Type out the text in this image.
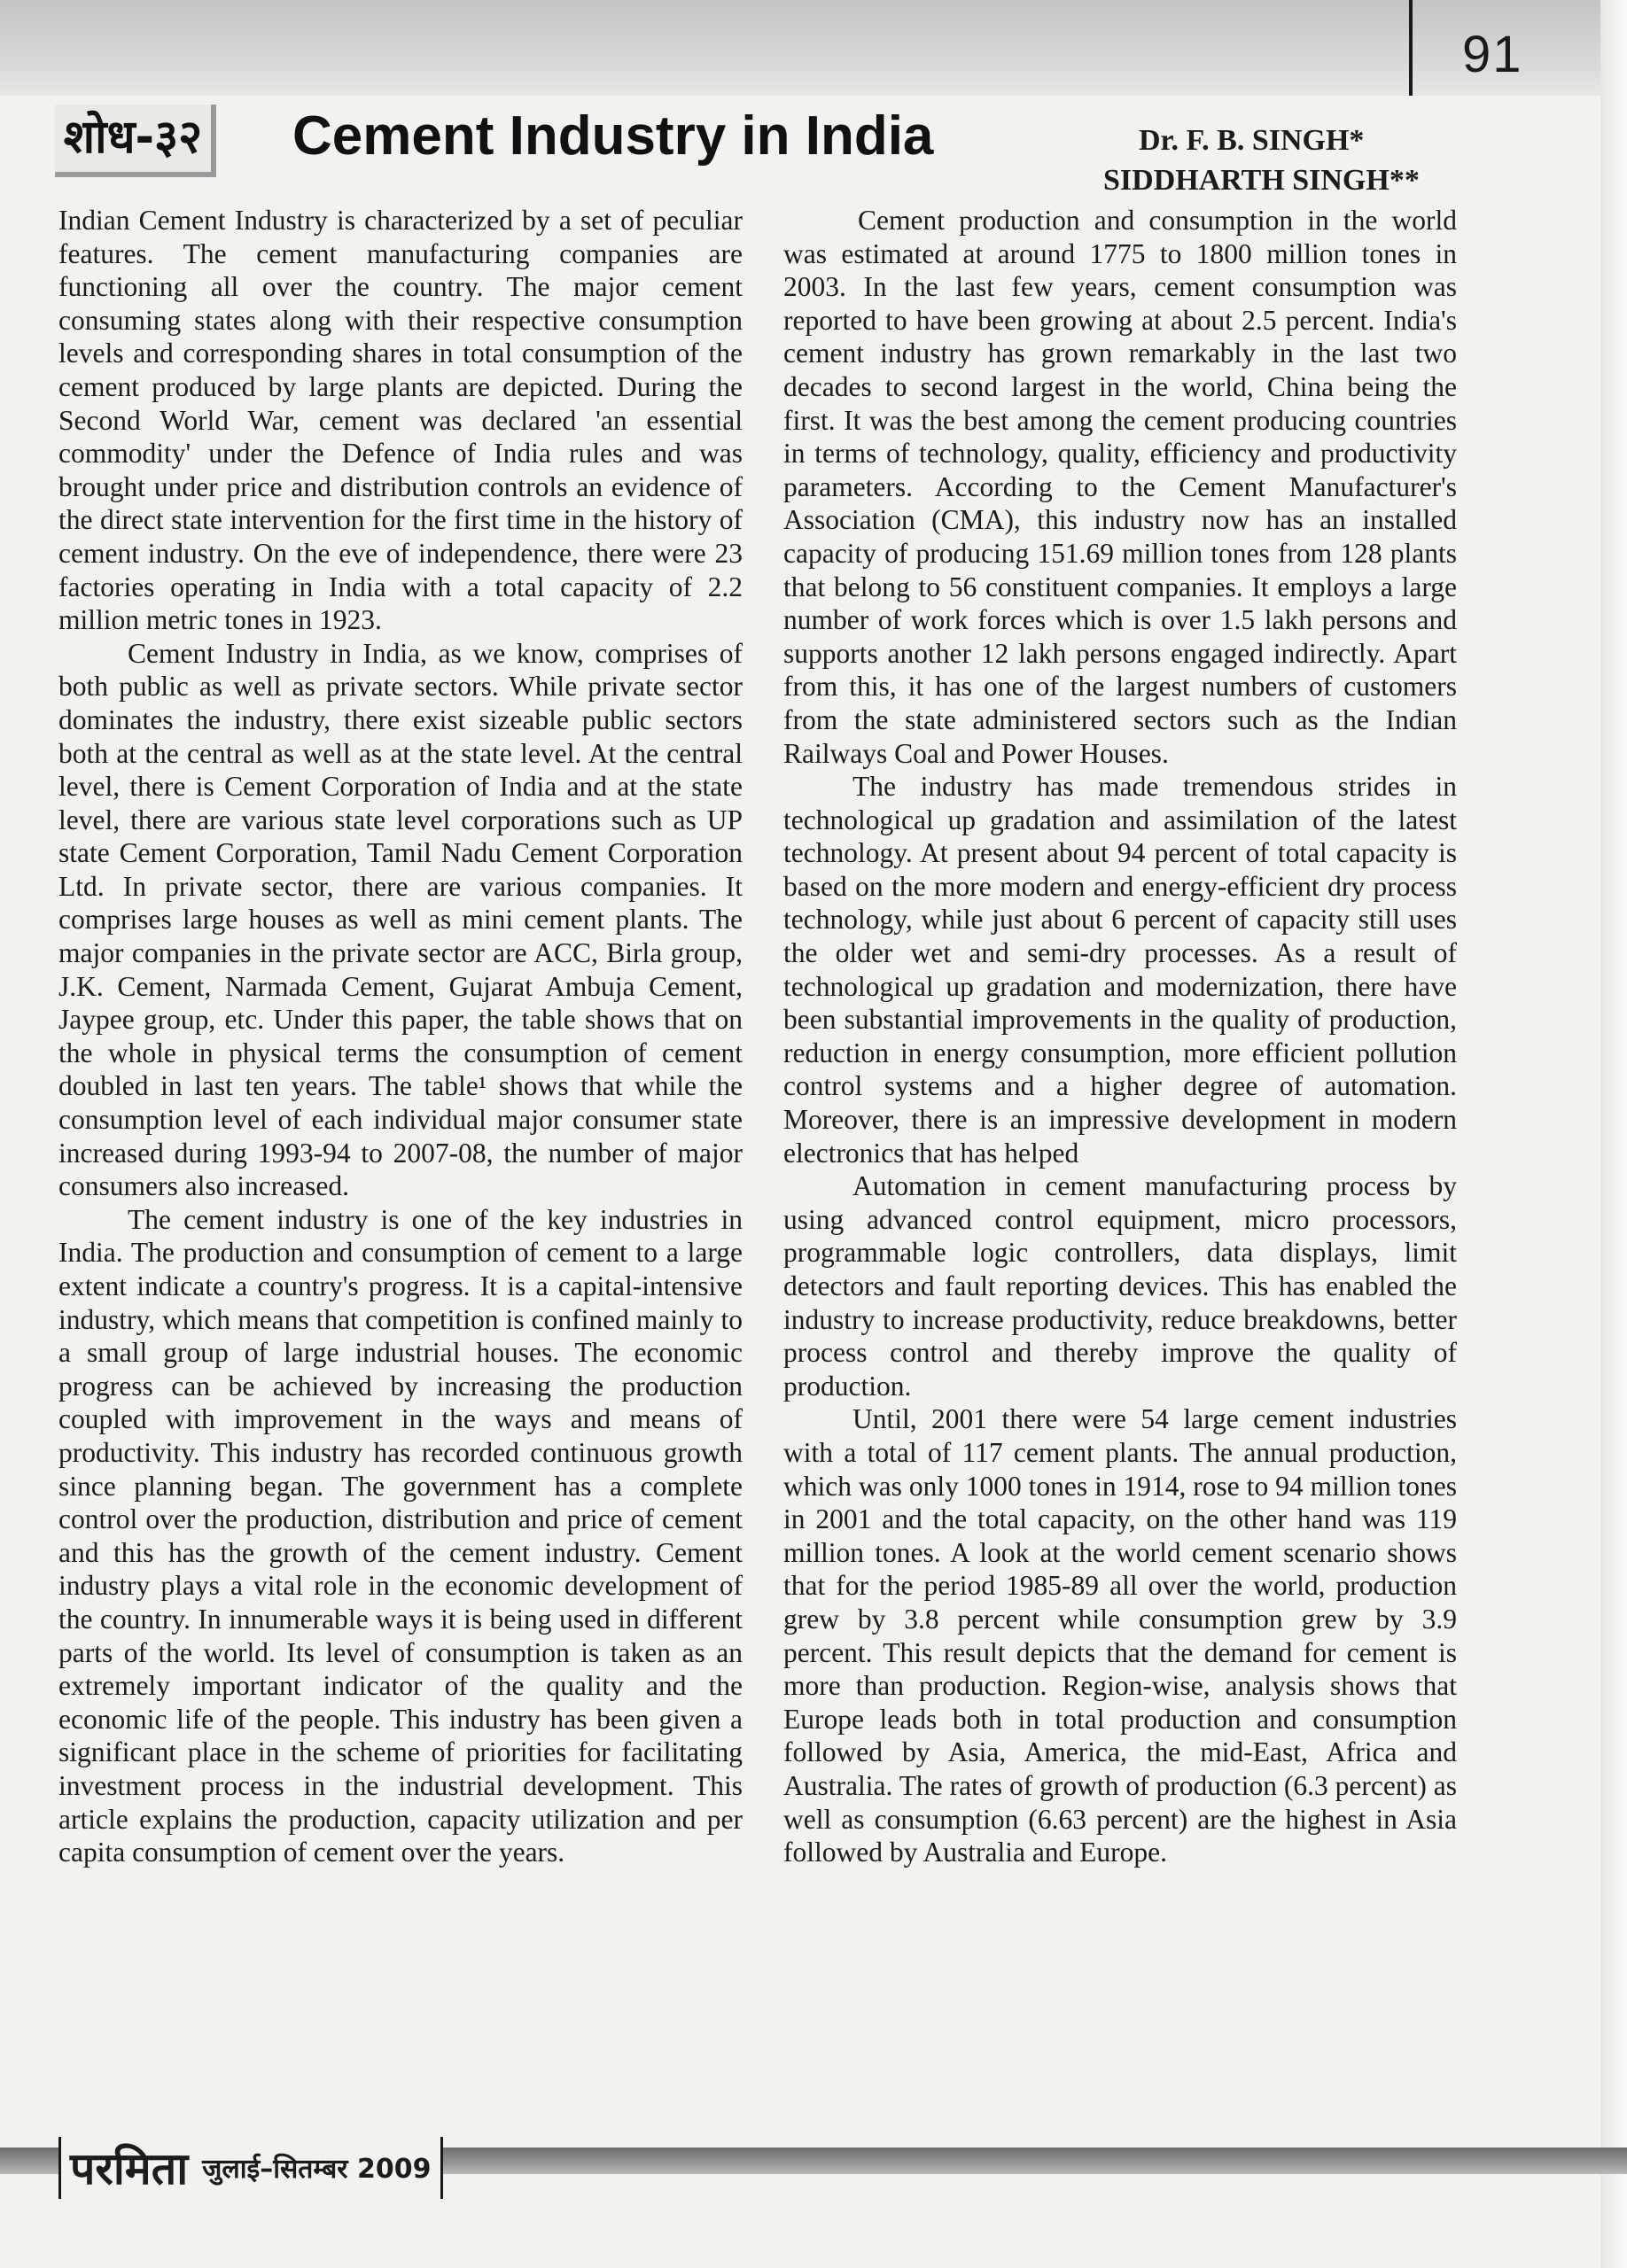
91
शोध-३२ Cement Industry in India	Dr. F. B. SINGH*
SIDDHARTH SINGH**

Indian Cement Industry is characterized by a set of peculiar features. The cement manufacturing companies are functioning all over the country. The major cement consuming states along with their respective consumption levels and corresponding shares in total consumption of the cement produced by large plants are depicted. During the Second World War, cement was declared 'an essential commodity' under the Defence of India rules and was brought under price and distribution controls an evidence of the direct state intervention for the first time in the history of cement industry. On the eve of independence, there were 23 factories operating in India with a total capacity of 2.2 million metric tones in 1923.

Cement Industry in India, as we know, comprises of both public as well as private sectors. While private sector dominates the industry, there exist sizeable public sectors both at the central as well as at the state level. At the central level, there is Cement Corporation of India and at the state level, there are various state level corporations such as UP state Cement Corporation, Tamil Nadu Cement Corporation Ltd. In private sector, there are various companies. It comprises large houses as well as mini cement plants. The major companies in the private sector are ACC, Birla group, J.K. Cement, Narmada Cement, Gujarat Ambuja Cement, Jaypee group, etc. Under this paper, the table shows that on the whole in physical terms the consumption of cement doubled in last ten years. The table¹ shows that while the consumption level of each individual major consumer state increased during 1993-94 to 2007-08, the number of major consumers also increased.

The cement industry is one of the key industries in India. The production and consumption of cement to a large extent indicate a country's progress. It is a capital-intensive industry, which means that competition is confined mainly to a small group of large industrial houses. The economic progress can be achieved by increasing the production coupled with improvement in the ways and means of productivity. This industry has recorded continuous growth since planning began. The government has a complete control over the production, distribution and price of cement and this has the growth of the cement industry. Cement industry plays a vital role in the economic development of the country. In innumerable ways it is being used in different parts of the world. Its level of consumption is taken as an extremely important indicator of the quality and the economic life of the people. This industry has been given a significant place in the scheme of priorities for facilitating investment process in the industrial development. This article explains the production, capacity utilization and per capita consumption of cement over the years.

Cement production and consumption in the world was estimated at around 1775 to 1800 million tones in 2003. In the last few years, cement consumption was reported to have been growing at about 2.5 percent. India's cement industry has grown remarkably in the last two decades to second largest in the world, China being the first. It was the best among the cement producing countries in terms of technology, quality, efficiency and productivity parameters. According to the Cement Manufacturer's Association (CMA), this industry now has an installed capacity of producing 151.69 million tones from 128 plants that belong to 56 constituent companies. It employs a large number of work forces which is over 1.5 lakh persons and supports another 12 lakh persons engaged indirectly. Apart from this, it has one of the largest numbers of customers from the state administered sectors such as the Indian Railways Coal and Power Houses.

The industry has made tremendous strides in technological up gradation and assimilation of the latest technology. At present about 94 percent of total capacity is based on the more modern and energy-efficient dry process technology, while just about 6 percent of capacity still uses the older wet and semi-dry processes. As a result of technological up gradation and modernization, there have been substantial improvements in the quality of production, reduction in energy consumption, more efficient pollution control systems and a higher degree of automation. Moreover, there is an impressive development in modern electronics that has helped

Automation in cement manufacturing process by using advanced control equipment, micro processors, programmable logic controllers, data displays, limit detectors and fault reporting devices. This has enabled the industry to increase productivity, reduce breakdowns, better process control and thereby improve the quality of production.

Until, 2001 there were 54 large cement industries with a total of 117 cement plants. The annual production, which was only 1000 tones in 1914, rose to 94 million tones in 2001 and the total capacity, on the other hand was 119 million tones. A look at the world cement scenario shows that for the period 1985-89 all over the world, production grew by 3.8 percent while consumption grew by 3.9 percent. This result depicts that the demand for cement is more than production. Region-wise, analysis shows that Europe leads both in total production and consumption followed by Asia, America, the mid-East, Africa and Australia. The rates of growth of production (6.3 percent) as well as consumption (6.63 percent) are the highest in Asia followed by Australia and Europe.

परमिता जुलाई–सितम्बर 2009
